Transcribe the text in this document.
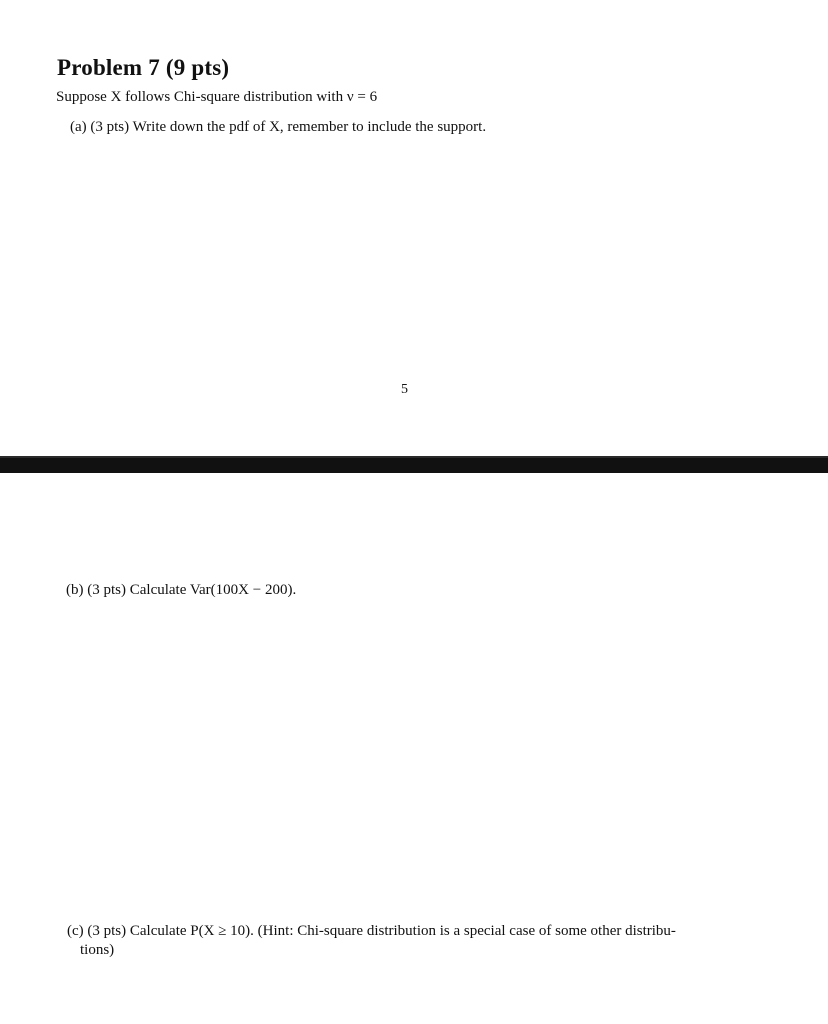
Problem 7 (9 pts)
Suppose X follows Chi-square distribution with ν = 6
(a) (3 pts) Write down the pdf of X, remember to include the support.
5
(b) (3 pts) Calculate Var(100X − 200).
(c) (3 pts) Calculate P(X ≥ 10). (Hint: Chi-square distribution is a special case of some other distribu-
tions)
